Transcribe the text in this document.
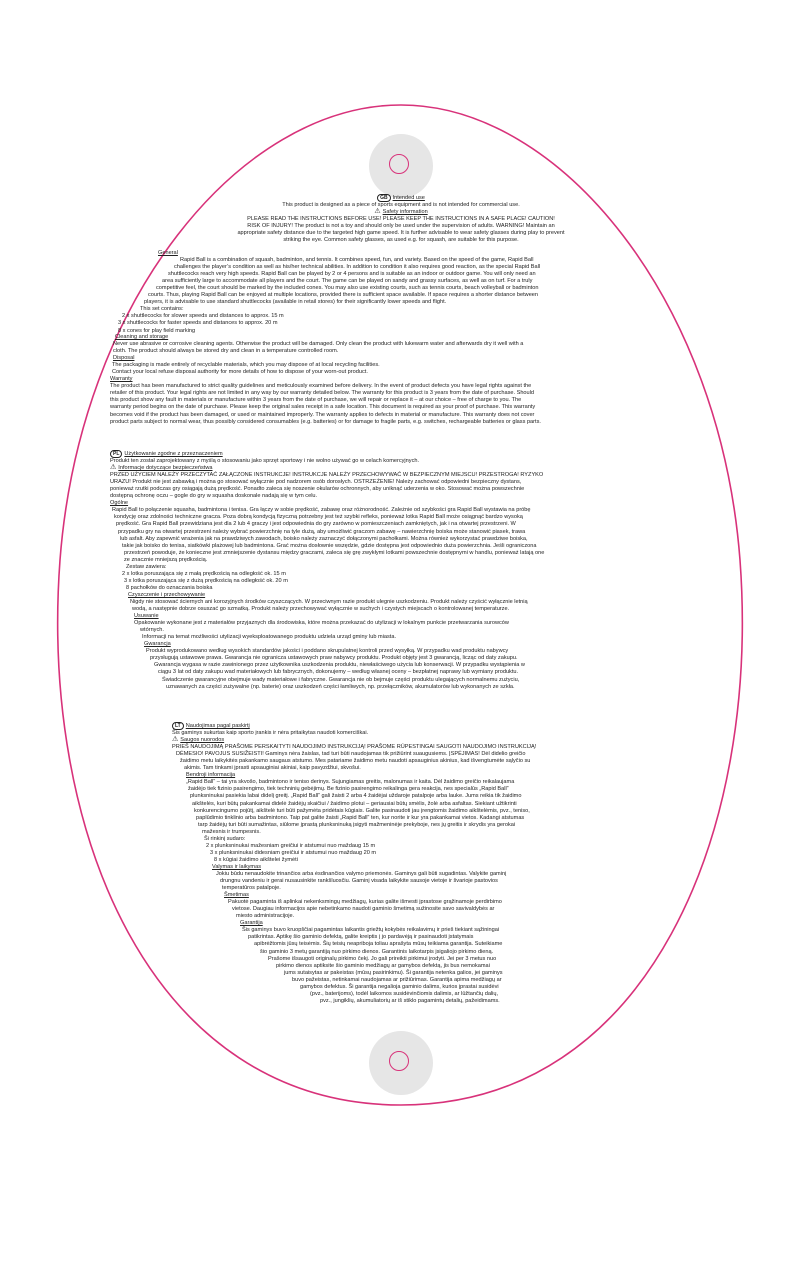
GB Intended use

This product is designed as a piece of sports equipment and is not intended for commercial use.

⚠ Safety information

PLEASE READ THE INSTRUCTIONS BEFORE USE! PLEASE KEEP THE INSTRUCTIONS IN A SAFE PLACE! CAUTION!

RISK OF INJURY! The product is not a toy and should only be used under the supervision of adults. WARNING! Maintain an

appropriate safety distance due to the targeted high game speed. It is further advisable to wear safety glasses during play to prevent

striking the eye. Common safety glasses, as used e.g. for squash, are suitable for this purpose.

General

Rapid Ball is a combination of squash, badminton, and tennis. It combines speed, fun, and variety. Based on the speed of the game, Rapid Ball

challenges the player’s condition as well as his/her technical abilities. In addition to condition it also requires good reaction, as the special Rapid Ball

shuttlecocks reach very high speeds. Rapid Ball can be played by 2 or 4 persons and is suitable as an indoor or outdoor game. You will only need an

area sufficiently large to accommodate all players and the court. The game can be played on sandy and grassy surfaces, as well as on turf. For a truly

competitive feel, the court should be marked by the included cones. You may also use existing courts, such as tennis courts, beach volleyball or badminton

courts. Thus, playing Rapid Ball can be enjoyed at multiple locations, provided there is sufficient space available. If space requires a shorter distance between

players, it is advisable to use standard shuttlecocks (available in retail stores) for their significantly lower speeds and flight.

This set contains:

2 x shuttlecocks for slower speeds and distances to approx. 15 m

3 x shuttlecocks for faster speeds and distances to approx. 20 m

8 x cones for play field marking

Cleaning and storage

Never use abrasive or corrosive cleaning agents. Otherwise the product will be damaged. Only clean the product with lukewarm water and afterwards dry it well with a

cloth. The product should always be stored dry and clean in a temperature controlled room.

Disposal

The packaging is made entirely of recyclable materials, which you may dispose of at local recycling facilities.

Contact your local refuse disposal authority for more details of how to dispose of your worn-out product.

Warranty

The product has been manufactured to strict quality guidelines and meticulously examined before delivery. In the event of product defects you have legal rights against the

retailer of this product. Your legal rights are not limited in any way by our warranty detailed below. The warranty for this product is 3 years from the date of purchase. Should

this product show any fault in materials or manufacture within 3 years from the date of purchase, we will repair or replace it – at our choice – free of charge to you. The

warranty period begins on the date of purchase. Please keep the original sales receipt in a safe location. This document is required as your proof of purchase. This warranty

becomes void if the product has been damaged, or used or maintained improperly. The warranty applies to defects in material or manufacture. This warranty does not cover

product parts subject to normal wear, thus possibly considered consumables (e.g. batteries) or for damage to fragile parts, e.g. switches, rechargeable batteries or glass parts.

PL Użytkowanie zgodne z przeznaczeniem

Produkt ten został zaprojektowany z myślą o stosowaniu jako sprzęt sportowy i nie wolno używać go w celach komercyjnych.

⚠ Informacje dotyczące bezpieczeństwa

PRZED UŻYCIEM NALEŻY PRZECZYTAĆ ZAŁĄCZONE INSTRUKCJE! INSTRUKCJE NALEŻY PRZECHOWYWAĆ W BEZPIECZNYM MIEJSCU! PRZESTROGA! RYZYKO

URAZU! Produkt nie jest zabawką i można go stosować wyłącznie pod nadzorem osób dorosłych. OSTRZEŻENIE! Należy zachować odpowiedni bezpieczny dystans,

ponieważ rzutki podczas gry osiągają dużą prędkość. Ponadto zaleca się noszenie okularów ochronnych, aby uniknąć uderzenia w oko. Stosować można powszechnie

dostępną ochronę oczu – gogle do gry w squasha doskonale nadają się w tym celu.

Ogólne

Rapid Ball to połączenie squasha, badmintona i tenisa. Gra łączy w sobie prędkość, zabawę oraz różnorodność. Zależnie od szybkości gra Rapid Ball wystawia na próbę

kondycję oraz zdolności techniczne gracza. Poza dobrą kondycją fizyczną potrzebny jest też szybki refleks, ponieważ lotka Rapid Ball może osiągnąć bardzo wysoką

prędkość. Gra Rapid Ball przewidziana jest dla 2 lub 4 graczy i jest odpowiednia do gry zarówno w pomieszczeniach zamkniętych, jak i na otwartej przestrzeni. W

przypadku gry na otwartej przestrzeni należy wybrać powierzchnię na tyle dużą, aby umożliwić graczom zabawę – nawierzchnię boiska może stanowić piasek, trawa

lub asfalt. Aby zapewnić wrażenia jak na prawdziwych zawodach, boisko należy zaznaczyć dołączonymi pachołkami. Można również wykorzystać prawdziwe boiska,

takie jak boisko do tenisa, siatkówki plażowej lub badmintona. Grać można dosłownie wszędzie, gdzie dostępna jest odpowiednio duża powierzchnia. Jeśli ograniczona

przestrzeń powoduje, że konieczne jest zmniejszenie dystansu między graczami, zaleca się grę zwykłymi lotkami powszechnie dostępnymi w handlu, ponieważ latają one

ze znacznie mniejszą prędkością.

Zestaw zawiera:

2 x lotka poruszająca się z małą prędkością na odległość ok. 15 m

3 x lotka poruszająca się z dużą prędkością na odległość ok. 20 m

8 pachołków do oznaczania boiska

Czyszczenie i przechowywanie

Nigdy nie stosować ściernych ani korozyjnych środków czyszczących. W przeciwnym razie produkt ulegnie uszkodzeniu. Produkt należy czyścić wyłącznie letnią

wodą, a następnie dobrze osuszać go szmatką. Produkt należy przechowywać wyłącznie w suchych i czystych miejscach o kontrolowanej temperaturze.

Usuwanie

Opakowanie wykonane jest z materiałów przyjaznych dla środowiska, które można przekazać do utylizacji w lokalnym punkcie przetwarzania surowców

wtórnych.

Informacji na temat możliwości utylizacji wyeksploatowanego produktu udziela urząd gminy lub miasta.

Gwarancja

Produkt wyprodukowano według wysokich standardów jakości i poddano skrupulatnej kontroli przed wysyłką. W przypadku wad produktu nabywcy

przysługują ustawowe prawa. Gwarancja nie ogranicza ustawowych praw nabywcy produktu. Produkt objęty jest 3 gwarancją, licząc od daty zakupu.

Gwarancja wygasa w razie zawinionego przez użytkownika uszkodzenia produktu, niewłaściwego użycia lub konserwacji. W przypadku wystąpienia w

ciągu 3 lat od daty zakupu wad materiałowych lub fabrycznych, dokonujemy – według własnej oceny – bezpłatnej naprawy lub wymiany produktu.

Świadczenie gwarancyjne obejmuje wady materiałowe i fabryczne. Gwarancja nie ob bejmuje części produktu ulegających normalnemu zużyciu,

uznawanych za części zużywalne (np. baterie) oraz uszkodzeń części łamliwych, np. przełączników, akumulatorów lub wykonanych ze szkła.

LT Naudojimas pagal paskirtį

Šis gaminys sukurtas kaip sporto įrankis ir nėra pritaikytas naudoti komerciškai.

⚠ Saugos nuorodos

PRIEŠ NAUDOJIMĄ PRAŠOME PERSKAITYTI NAUDOJIMO INSTRUKCIJĄ! PRAŠOME RŪPESTINGAI SAUGOTI NAUDOJIMO INSTRUKCIJĄ!

DĖMESIO! PAVOJUS SUSIŽEISTI! Gaminys nėra žaislas, tad turi būti naudojamas tik prižiūrint suaugusiems. ĮSPĖJIMAS! Dėl didelio greičio

žaidimo metu laikykitės pakankamo saugaus atstumo. Mes patariame žaidimo metu naudoti apsauginius akinius, kad išvengtumėte sąlyčio su

akimis. Tam tinkami įprasti apsauginiai akiniai, kaip pavyzdžiui, skvošui.

Bendroji informacija

„Rapid Ball“ – tai yra skvošo, badmintono ir teniso derinys. Sujungiamas greitis, malonumas ir kaita. Dėl žaidimo greičio reikalaujama

žaidėjo tiek fizinio pasirengimo, tiek techninių gebėjimų. Be fizinio pasirengimo reikalinga gera reakcija, nes specialūs „Rapid Ball“

plunksninukai pasiekia labai didelį greitį. „Rapid Ball“ gali žaisti 2 arba 4 žaidėjai uždaroje patalpoje arba lauke. Jums reikia tik žaidimo

aikštelės, kuri būtų pakankamai didelė žaidėjų skaičiui / žaidimo plotui – geriausiai būtų smėlis, žolė arba asfaltas. Siekiant užtikrinti

konkurencingumo pojūtį, aikštelė turi būti pažymėta pridėtais kūgiais. Galite pasinaudoti jau įrengtomis žaidimo aikštelėmis, pvz., teniso,

paplūdimio tinklinio arba badmintono. Taip pat galite žaisti „Rapid Ball“ ten, kur norite ir kur yra pakankamai vietos. Kadangi atstumas

tarp žaidėjų turi būti sumažintas, siūlome įprastą plunksninuką įsigyti mažmeninėje prekyboje, nes jų greitis ir skrydis yra gerokai

mažesnis ir trumpesnis.

Ši rinkinį sudaro:

2 x plunksninukai mažesniam greičiui ir atstumui nuo maždaug 15 m

3 x plunksninukai didesniam greičiui ir atstumui nuo maždaug 20 m

8 x kūgiai žaidimo aikštelei žymėti

Valymas ir laikymas

Jokiu būdu nenaudokite trinančios arba ėsdinančios valymo priemonės. Gaminys gali būti sugadintas. Valykite gaminį

drungnu vandeniu ir gerai nusausinkite rankšluosčiu. Gaminį visada laikykite sausoje vietoje ir švarioje pastovios

temperatūros patalpoje.

Šmetimas

Pakuotė pagaminta iš aplinkai nekenksmingų medžiagų, kurias galite išmesti įprastose grąžinamoje perdirbimo

vietose. Daugiau informacijos apie nebetinkamo naudoti gaminio šmetimą sužinosite savo savivaldybės ar

miesto administracijoje.

Garantija

Šis gaminys buvo kruopščiai pagamintas laikantis griežtų kokybės reikalavimų ir prieš tiekiant sąžiningai

patikrintas. Aptikę šio gaminio defektą, galite kreiptis į jo pardavėją ir pasinaudoti įstatymais

apibrėžtomis jūsų teisėmis. Šių teisių neapriboja toliau aprašyta mūsų teikiama garantija. Suteikiame

šio gaminio 3 metų garantiją nuo pirkimo dienos. Garantinis laikotarpis įsigaliojo pirkimo dieną.

Prašome išsaugoti originalų pirkimo čekį. Jo gali prireikti pirkimui įrodyti. Jei per 3 metus nuo

pirkimo dienos aptiksite šio gaminio medžiagų ar gamybos defektą, jis bus nemokamai

jums sutaisytas ar pakeistas (mūsų pasirinkimu). Ši garantija netenka galios, jei gaminys

buvo pažeistas, netinkamai naudojamas ar prižiūrimas. Garantija apima medžiagų ar

gamybos defektus. Ši garantija negalioja gaminio dalims, kurios įprastai susidėvi

(pvz., baterijoms), todėl laikomos susidėvinčiomis dalimis, ar lūžtančių dalių,

pvz., jungiklių, akumuliatorių ar iš stiklo pagamintų detalių, pažeidimams.
